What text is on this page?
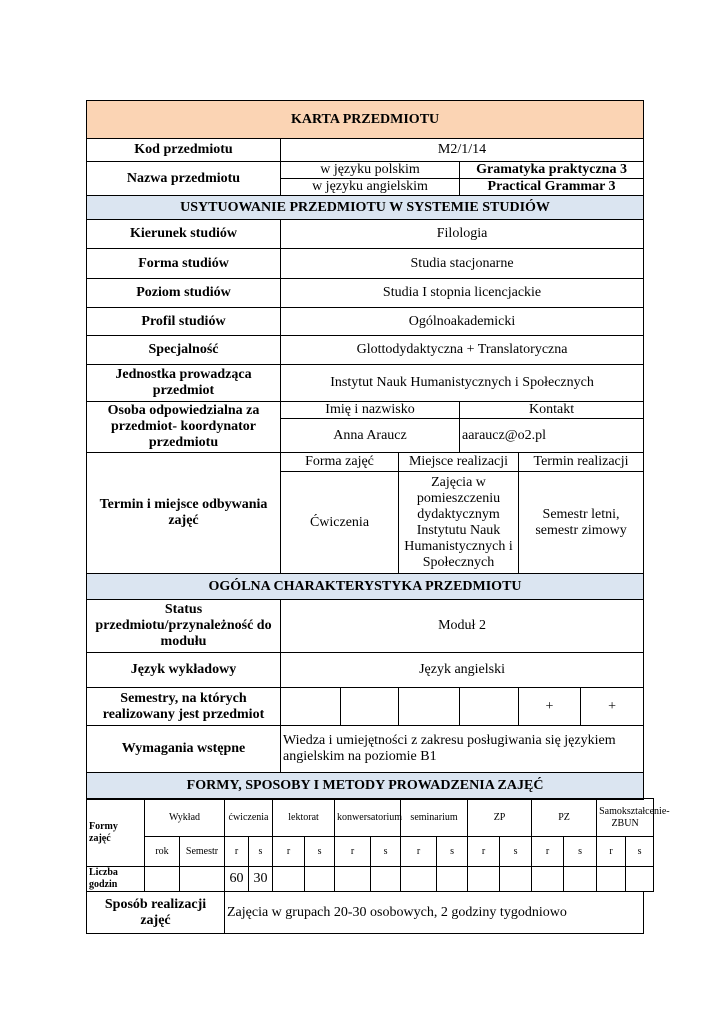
KARTA PRZEDMIOTU						
Kod przedmiotu	M2/1/14					
Nazwa przedmiotu	w języku polskim			Gramatyka praktyczna 3		
	w języku angielskim			Practical Grammar 3		
USYTUOWANIE PRZEDMIOTU W SYSTEMIE STUDIÓW						
Kierunek studiów	Filologia					
Forma studiów	Studia stacjonarne					
Poziom studiów	Studia I stopnia licencjackie					
Profil studiów	Ogólnoakademicki					
Specjalność	Glottodydaktyczna + Translatoryczna					
Jednostka prowadząca przedmiot	Instytut Nauk Humanistycznych i Społecznych					
Osoba odpowiedzialna za przedmiot- koordynator przedmiotu	Imię i nazwisko			Kontakt		
	Anna Araucz			aaraucz@o2.pl		
Termin i miejsce odbywania zajęć	Forma zajęć		Miejsce realizacji		Termin realizacji	
	Ćwiczenia		Zajęcia w pomieszczeniu dydaktycznym Instytutu Nauk Humanistycznych i Społecznych		Semestr letni, semestr zimowy	
OGÓLNA CHARAKTERYSTYKA PRZEDMIOTU						
Status przedmiotu/przynależność do modułu	Moduł 2					
Język wykładowy	Język angielski					
Semestry, na których realizowany jest przedmiot					+	+
Wymagania wstępne	Wiedza i umiejętności z zakresu posługiwania się językiem angielskim na poziomie B1					
FORMY, SPOSOBY I METODY PROWADZENIA ZAJĘĆ						
Formy zajęć	Wykład		ćwiczenia		lektorat		konwersatorium		seminarium		ZP		PZ		Samokształcenie-ZBUN	
	rok	Semestr	r	s	r	s	r	s	r	s	r	s	r	s	r	s
Liczba godzin			60	30												
Sposób realizacji zajęć	Zajęcia w grupach 20-30 osobowych, 2 godziny tygodniowo
